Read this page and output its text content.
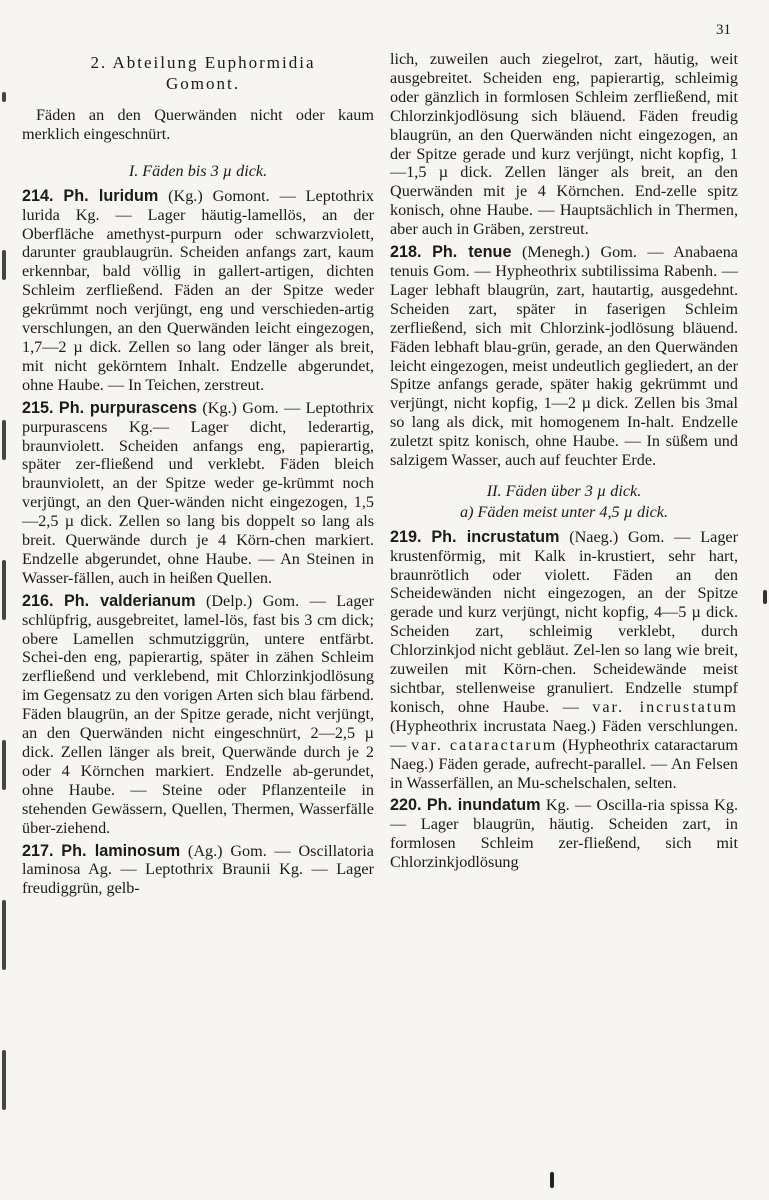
31

2. Abteilung Euphormidia
Gomont.

Fäden an den Querwänden nicht oder kaum merklich eingeschnürt.

I. Fäden bis 3 µ dick.

214. Ph. luridum (Kg.) Gomont. — Leptothrix lurida Kg. — Lager häutig-lamellös, an der Oberfläche amethyst-purpurn oder schwarzviolett, darunter graublaugrün. Scheiden anfangs zart, kaum erkennbar, bald völlig in gallert-artigen, dichten Schleim zerfließend. Fäden an der Spitze weder gekrümmt noch verjüngt, eng und verschieden-artig verschlungen, an den Querwänden leicht eingezogen, 1,7—2 µ dick. Zellen so lang oder länger als breit, mit nicht gekörntem Inhalt. Endzelle abgerundet, ohne Haube. — In Teichen, zerstreut.

215. Ph. purpurascens (Kg.) Gom. — Leptothrix purpurascens Kg.— Lager dicht, lederartig, braunviolett. Scheiden anfangs eng, papierartig, später zer-fließend und verklebt. Fäden bleich braunviolett, an der Spitze weder ge-krümmt noch verjüngt, an den Quer-wänden nicht eingezogen, 1,5—2,5 µ dick. Zellen so lang bis doppelt so lang als breit. Querwände durch je 4 Körn-chen markiert. Endzelle abgerundet, ohne Haube. — An Steinen in Wasser-fällen, auch in heißen Quellen.

216. Ph. valderianum (Delp.) Gom. — Lager schlüpfrig, ausgebreitet, lamel-lös, fast bis 3 cm dick; obere Lamellen schmutziggrün, untere entfärbt. Schei-den eng, papierartig, später in zähen Schleim zerfließend und verklebend, mit Chlorzinkjodlösung im Gegensatz zu den vorigen Arten sich blau färbend. Fäden blaugrün, an der Spitze gerade, nicht verjüngt, an den Querwänden nicht eingeschnürt, 2—2,5 µ dick. Zellen länger als breit, Querwände durch je 2 oder 4 Körnchen markiert. Endzelle ab-gerundet, ohne Haube. — Steine oder Pflanzenteile in stehenden Gewässern, Quellen, Thermen, Wasserfälle über-ziehend.

217. Ph. laminosum (Ag.) Gom. — Oscillatoria laminosa Ag. — Leptothrix Braunii Kg. — Lager freudiggrün, gelb-

lich, zuweilen auch ziegelrot, zart, häutig, weit ausgebreitet. Scheiden eng, papierartig, schleimig oder gänzlich in formlosen Schleim zerfließend, mit Chlorzinkjodlösung sich bläuend. Fäden freudig blaugrün, an den Querwänden nicht eingezogen, an der Spitze gerade und kurz verjüngt, nicht kopfig, 1—1,5 µ dick. Zellen länger als breit, an den Querwänden mit je 4 Körnchen. End-zelle spitz konisch, ohne Haube. — Hauptsächlich in Thermen, aber auch in Gräben, zerstreut.

218. Ph. tenue (Menegh.) Gom. — Anabaena tenuis Gom. — Hypheothrix subtilissima Rabenh. — Lager lebhaft blaugrün, zart, hautartig, ausgedehnt. Scheiden zart, später in faserigen Schleim zerfließend, sich mit Chlorzink-jodlösung bläuend. Fäden lebhaft blau-grün, gerade, an den Querwänden leicht eingezogen, meist undeutlich gegliedert, an der Spitze anfangs gerade, später hakig gekrümmt und verjüngt, nicht kopfig, 1—2 µ dick. Zellen bis 3mal so lang als dick, mit homogenem In-halt. Endzelle zuletzt spitz konisch, ohne Haube. — In süßem und salzigem Wasser, auch auf feuchter Erde.

II. Fäden über 3 µ dick.

a) Fäden meist unter 4,5 µ dick.

219. Ph. incrustatum (Naeg.) Gom. — Lager krustenförmig, mit Kalk in-krustiert, sehr hart, braunrötlich oder violett. Fäden an den Scheidewänden nicht eingezogen, an der Spitze gerade und kurz verjüngt, nicht kopfig, 4—5 µ dick. Scheiden zart, schleimig verklebt, durch Chlorzinkjod nicht gebläut. Zel-len so lang wie breit, zuweilen mit Körn-chen. Scheidewände meist sichtbar, stellenweise granuliert. Endzelle stumpf konisch, ohne Haube. — var. incrustatum (Hypheothrix incrustata Naeg.) Fäden verschlungen. — var. cataractarum (Hypheothrix cataractarum Naeg.) Fäden gerade, aufrecht-parallel. — An Felsen in Wasserfällen, an Mu-schelschalen, selten.

220. Ph. inundatum Kg. — Oscilla-ria spissa Kg. — Lager blaugrün, häutig. Scheiden zart, in formlosen Schleim zer-fließend, sich mit Chlorzinkjodlösung
